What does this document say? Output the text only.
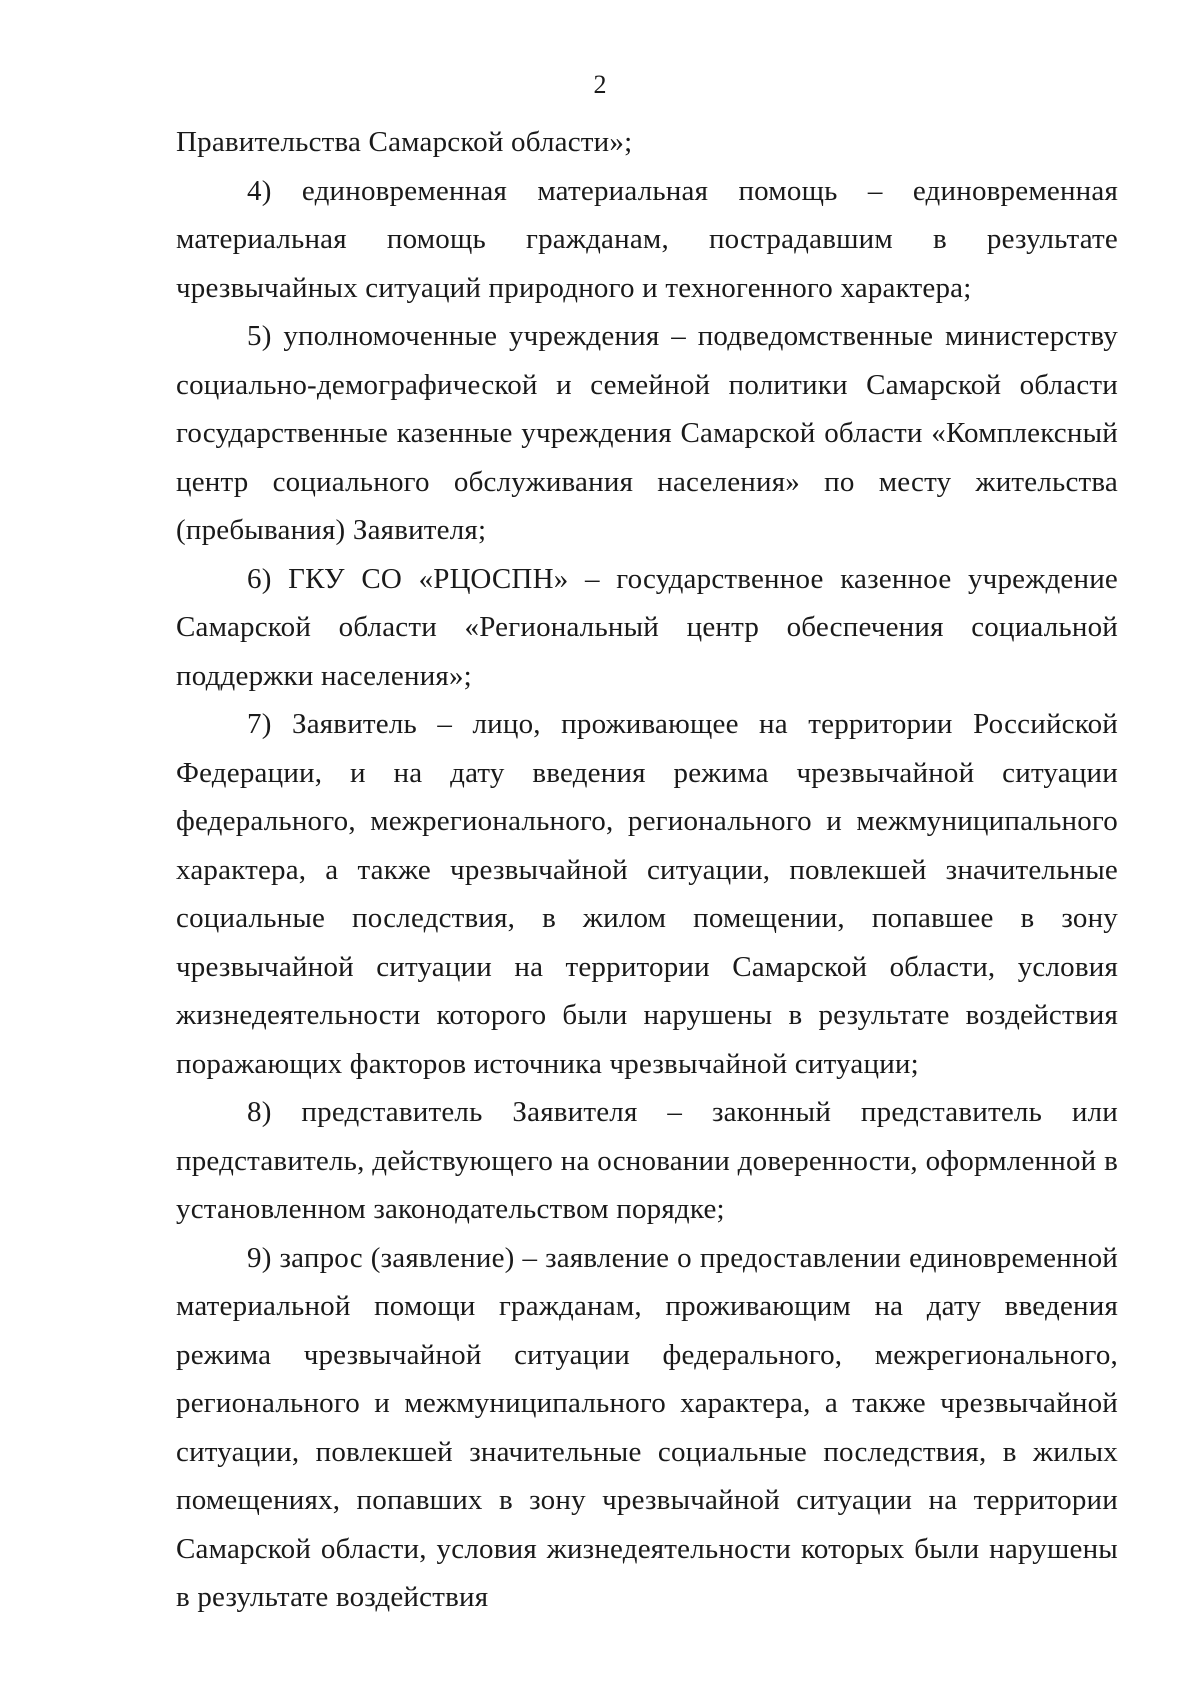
2

Правительства Самарской области»;

4) единовременная материальная помощь – единовременная материальная помощь гражданам, пострадавшим в результате чрезвычайных ситуаций природного и техногенного характера;

5) уполномоченные учреждения – подведомственные министерству социально-демографической и семейной политики Самарской области государственные казенные учреждения Самарской области «Комплексный центр социального обслуживания населения» по месту жительства (пребывания) Заявителя;

6) ГКУ СО «РЦОСПН» – государственное казенное учреждение Самарской области «Региональный центр обеспечения социальной поддержки населения»;

7) Заявитель – лицо, проживающее на территории Российской Федерации, и на дату введения режима чрезвычайной ситуации федерального, межрегионального, регионального и межмуниципального характера, а также чрезвычайной ситуации, повлекшей значительные социальные последствия, в жилом помещении, попавшее в зону чрезвычайной ситуации на территории Самарской области, условия жизнедеятельности которого были нарушены в результате воздействия поражающих факторов источника чрезвычайной ситуации;

8) представитель Заявителя – законный представитель или представитель, действующего на основании доверенности, оформленной в установленном законодательством порядке;

9) запрос (заявление) – заявление о предоставлении единовременной материальной помощи гражданам, проживающим на дату введения режима чрезвычайной ситуации федерального, межрегионального, регионального и межмуниципального характера, а также чрезвычайной ситуации, повлекшей значительные социальные последствия, в жилых помещениях, попавших в зону чрезвычайной ситуации на территории Самарской области, условия жизнедеятельности которых были нарушены в результате воздействия
